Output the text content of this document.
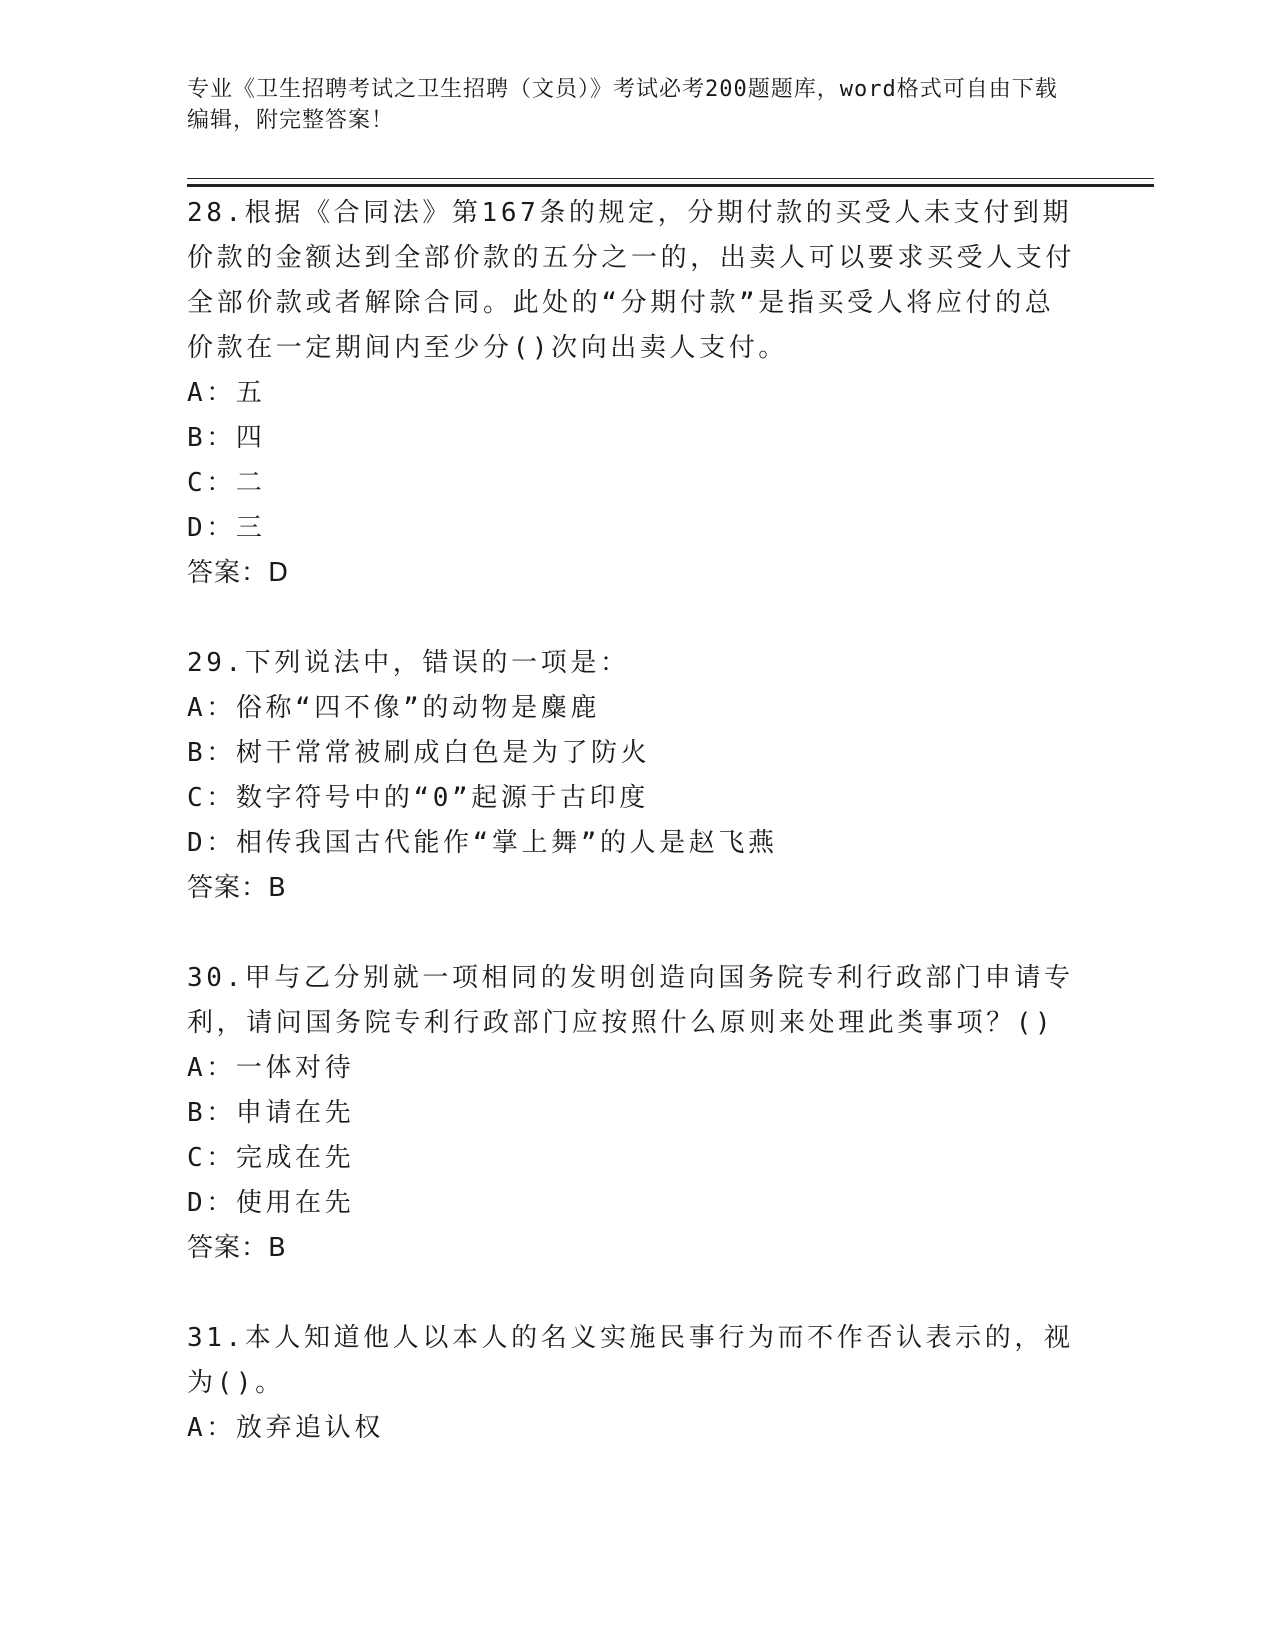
专业《卫生招聘考试之卫生招聘（文员）》考试必考200题题库，word格式可自由下载编辑，附完整答案！
28.根据《合同法》第167条的规定，分期付款的买受人未支付到期价款的金额达到全部价款的五分之一的，出卖人可以要求买受人支付全部价款或者解除合同。此处的“分期付款”是指买受人将应付的总价款在一定期间内至少分()次向出卖人支付。
A：五
B：四
C：二
D：三
答案：D
29.下列说法中，错误的一项是：
A：俗称“四不像”的动物是麋鹿
B：树干常常被刷成白色是为了防火
C：数字符号中的“0”起源于古印度
D：相传我国古代能作“掌上舞”的人是赵飞燕
答案：B
30.甲与乙分别就一项相同的发明创造向国务院专利行政部门申请专利，请问国务院专利行政部门应按照什么原则来处理此类事项？()
A：一体对待
B：申请在先
C：完成在先
D：使用在先
答案：B
31.本人知道他人以本人的名义实施民事行为而不作否认表示的，视为()。
A：放弃追认权
